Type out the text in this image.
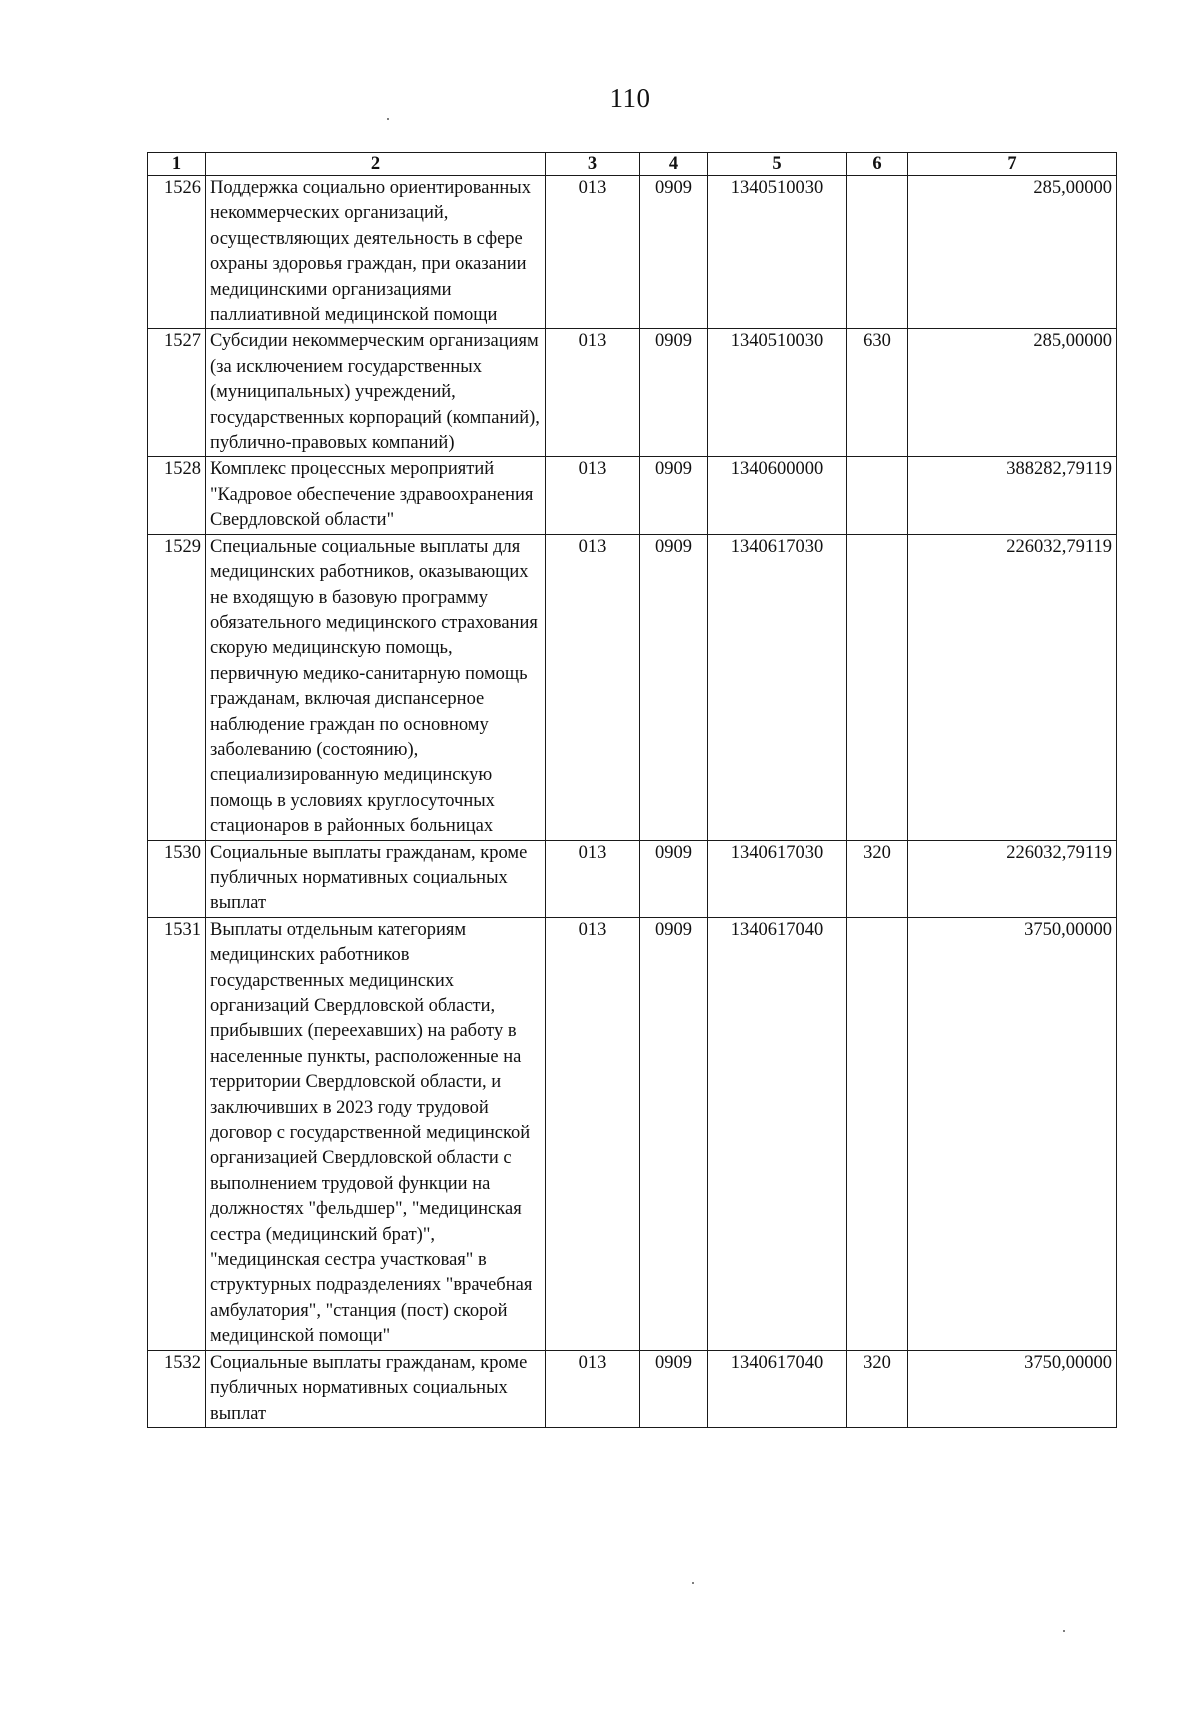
110
1	2	3	4	5	6	7
1526	Поддержка социально ориентированных некоммерческих организаций, осуществляющих деятельность в сфере охраны здоровья граждан, при оказании медицинскими организациями паллиативной медицинской помощи	013	0909	1340510030		285,00000
1527	Субсидии некоммерческим организациям (за исключением государственных (муниципальных) учреждений, государственных корпораций (компаний), публично-правовых компаний)	013	0909	1340510030	630	285,00000
1528	Комплекс процессных мероприятий "Кадровое обеспечение здравоохранения Свердловской области"	013	0909	1340600000		388282,79119
1529	Специальные социальные выплаты для медицинских работников, оказывающих не входящую в базовую программу обязательного медицинского страхования скорую медицинскую помощь, первичную медико-санитарную помощь гражданам, включая диспансерное наблюдение граждан по основному заболеванию (состоянию), специализированную медицинскую помощь в условиях круглосуточных стационаров в районных больницах	013	0909	1340617030		226032,79119
1530	Социальные выплаты гражданам, кроме публичных нормативных социальных выплат	013	0909	1340617030	320	226032,79119
1531	Выплаты отдельным категориям медицинских работников государственных медицинских организаций Свердловской области, прибывших (переехавших) на работу в населенные пункты, расположенные на территории Свердловской области, и заключивших в 2023 году трудовой договор с государственной медицинской организацией Свердловской области с выполнением трудовой функции на должностях "фельдшер", "медицинская сестра (медицинский брат)", "медицинская сестра участковая" в структурных подразделениях "врачебная амбулатория", "станция (пост) скорой медицинской помощи"	013	0909	1340617040		3750,00000
1532	Социальные выплаты гражданам, кроме публичных нормативных социальных выплат	013	0909	1340617040	320	3750,00000
